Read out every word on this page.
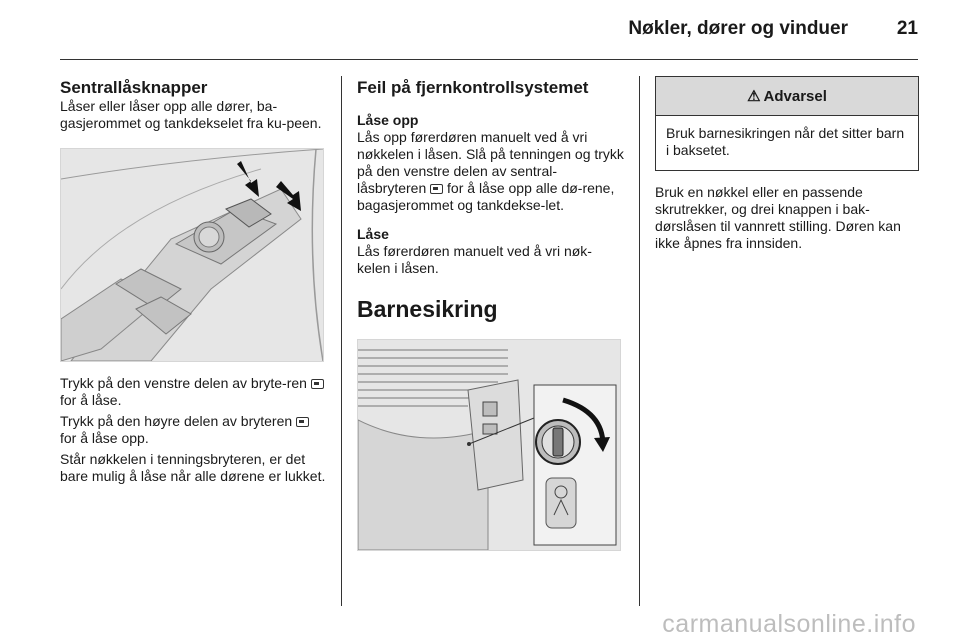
Nøkler, dører og vinduer	21
Sentrallåsknapper

Låser eller låser opp alle dører, ba-gasjerommet og tankdekselet fra ku-peen.

Trykk på den venstre delen av bryte-ren  for å låse.

Trykk på den høyre delen av bryteren  for å låse opp.

Står nøkkelen i tenningsbryteren, er det bare mulig å låse når alle dørene er lukket.

Feil på fjernkontrollsystemet
Låse opp

Lås opp førerdøren manuelt ved å vri nøkkelen i låsen. Slå på tenningen og trykk på den venstre delen av sentral-låsbryteren  for å låse opp alle dø-rene, bagasjerommet og tankdekse-let.

Låse

Lås førerdøren manuelt ved å vri nøk-kelen i låsen.

Barnesikring
⚠ Advarsel

Bruk barnesikringen når det sitter barn i baksetet.

Bruk en nøkkel eller en passende skrutrekker, og drei knappen i bak-dørslåsen til vannrett stilling. Døren kan ikke åpnes fra innsiden.

carmanualsonline.info
